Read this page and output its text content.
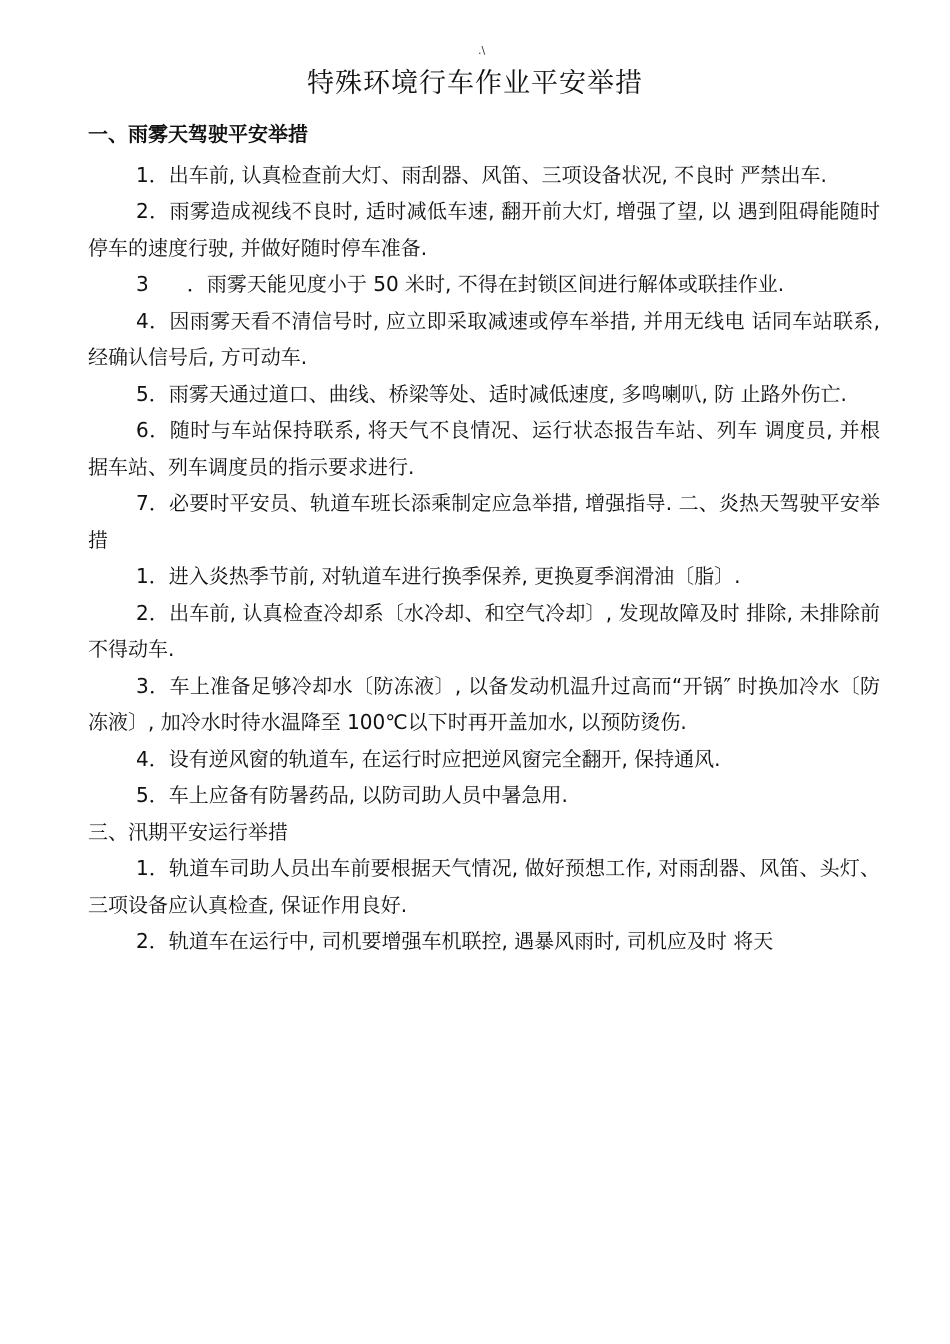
.\
特殊环境行车作业平安举措

一、雨雾天驾驶平安举措

1．出车前, 认真检查前大灯、雨刮器、风笛、三项设备状况, 不良时 严禁出车.

2．雨雾造成视线不良时, 适时减低车速, 翻开前大灯, 增强了望, 以 遇到阻碍能随时停车的速度行驶, 并做好随时停车准备.

3      ．雨雾天能见度小于 50 米时, 不得在封锁区间进行解体或联挂作业.

4．因雨雾天看不清信号时, 应立即采取减速或停车举措, 并用无线电 话同车站联系, 经确认信号后, 方可动车.

5．雨雾天通过道口、曲线、桥梁等处、适时减低速度, 多鸣喇叭, 防 止路外伤亡.

6．随时与车站保持联系, 将天气不良情况、运行状态报告车站、列车 调度员, 并根据车站、列车调度员的指示要求进行.

7．必要时平安员、轨道车班长添乘制定应急举措, 增强指导. 二、炎热天驾驶平安举措

1．进入炎热季节前, 对轨道车进行换季保养, 更换夏季润滑油〔脂〕.

2．出车前, 认真检查冷却系〔水冷却、和空气冷却〕, 发现故障及时 排除, 未排除前不得动车.

3．车上准备足够冷却水〔防冻液〕, 以备发动机温升过高而“开锅″ 时换加冷水〔防冻液〕, 加冷水时待水温降至 100℃以下时再开盖加水, 以预防烫伤.

4．设有逆风窗的轨道车, 在运行时应把逆风窗完全翻开, 保持通风.

5．车上应备有防暑药品, 以防司助人员中暑急用.

三、汛期平安运行举措

1．轨道车司助人员出车前要根据天气情况, 做好预想工作, 对雨刮器、风笛、头灯、三项设备应认真检查, 保证作用良好.

2．轨道车在运行中, 司机要增强车机联控, 遇暴风雨时, 司机应及时 将天
